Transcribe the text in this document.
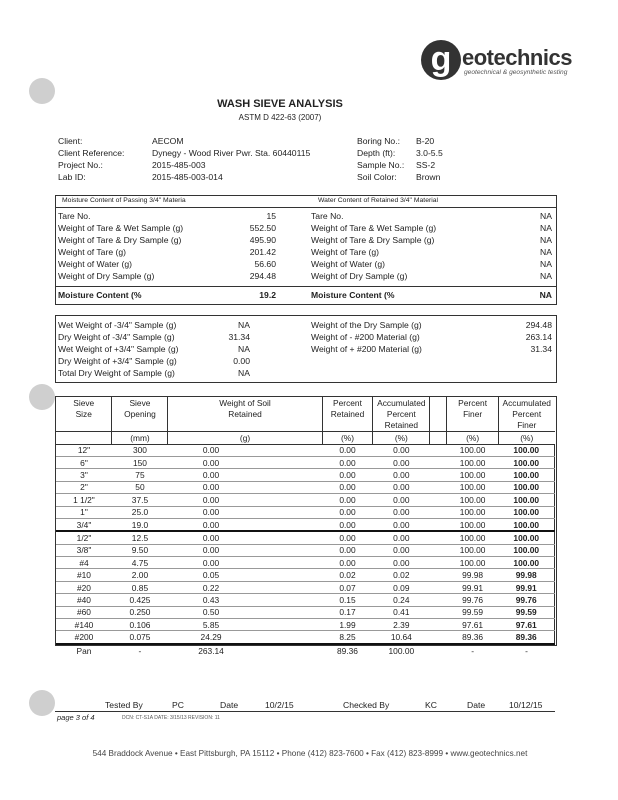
g eotechnics
geotechnical & geosynthetic testing
WASH SIEVE ANALYSIS
ASTM D 422-63 (2007)
Client:	AECOM
Client Reference:	Dynegy - Wood River Pwr. Sta. 60440115
Project No.:	2015-485-003
Lab ID:	2015-485-003-014
Boring No.: B-20
Depth (ft): 3.0-5.5
Sample No.: SS-2
Soil Color: Brown
Moisture Content of Passing 3/4" Materia	Water Content of Retained 3/4" Material
Tare No.	15
Weight of Tare & Wet Sample (g)	552.50
Weight of Tare & Dry Sample (g)	495.90
Weight of Tare (g)	201.42
Weight of Water (g)	56.60
Weight of Dry Sample (g)	294.48
Tare No.	NA
Weight of Tare & Wet Sample (g)	NA
Weight of Tare & Dry Sample (g)	NA
Weight of Tare (g)	NA
Weight of Water (g)	NA
Weight of Dry Sample (g)	NA
Moisture Content (%	19.2	Moisture Content (%	NA
Wet Weight of -3/4" Sample (g)	NA
Dry Weight of -3/4" Sample (g)	31.34
Wet Weight of +3/4" Sample (g)	NA
Dry Weight of +3/4" Sample (g)	0.00
Total Dry Weight of Sample (g)	NA
Weight of the Dry Sample (g)	294.48
Weight of - #200 Material (g)	263.14
Weight of + #200 Material (g)	31.34
Sieve	Sieve	Weight of Soil	Percent	Accumulated		Percent	Accumulated
Size	Opening	Retained	Retained	Percent		Finer	Percent
				Retained			Finer
	(mm)	(g)	(%)	(%)		(%)	(%)
12"	300	0.00	0.00	0.00		100.00	100.00
6"	150	0.00	0.00	0.00		100.00	100.00
3"	75	0.00	0.00	0.00		100.00	100.00
2"	50	0.00	0.00	0.00		100.00	100.00
1 1/2"	37.5	0.00	0.00	0.00		100.00	100.00
1"	25.0	0.00	0.00	0.00		100.00	100.00
3/4"	19.0	0.00	0.00	0.00		100.00	100.00
1/2"	12.5	0.00	0.00	0.00		100.00	100.00
3/8"	9.50	0.00	0.00	0.00		100.00	100.00
#4	4.75	0.00	0.00	0.00		100.00	100.00
#10	2.00	0.05	0.02	0.02		99.98	99.98
#20	0.85	0.22	0.07	0.09		99.91	99.91
#40	0.425	0.43	0.15	0.24		99.76	99.76
#60	0.250	0.50	0.17	0.41		99.59	99.59
#140	0.106	5.85	1.99	2.39		97.61	97.61
#200	0.075	24.29	8.25	10.64		89.36	89.36
Pan	-	263.14	89.36	100.00		-	-
Tested By	PC	Date	10/2/15	Checked By	KC	Date	10/12/15
page 3 of 4	DCN: CT-S1A DATE: 3/15/13 REVISION: 11
544 Braddock Avenue • East Pittsburgh, PA 15112 • Phone (412) 823-7600 • Fax (412) 823-8999 • www.geotechnics.net
